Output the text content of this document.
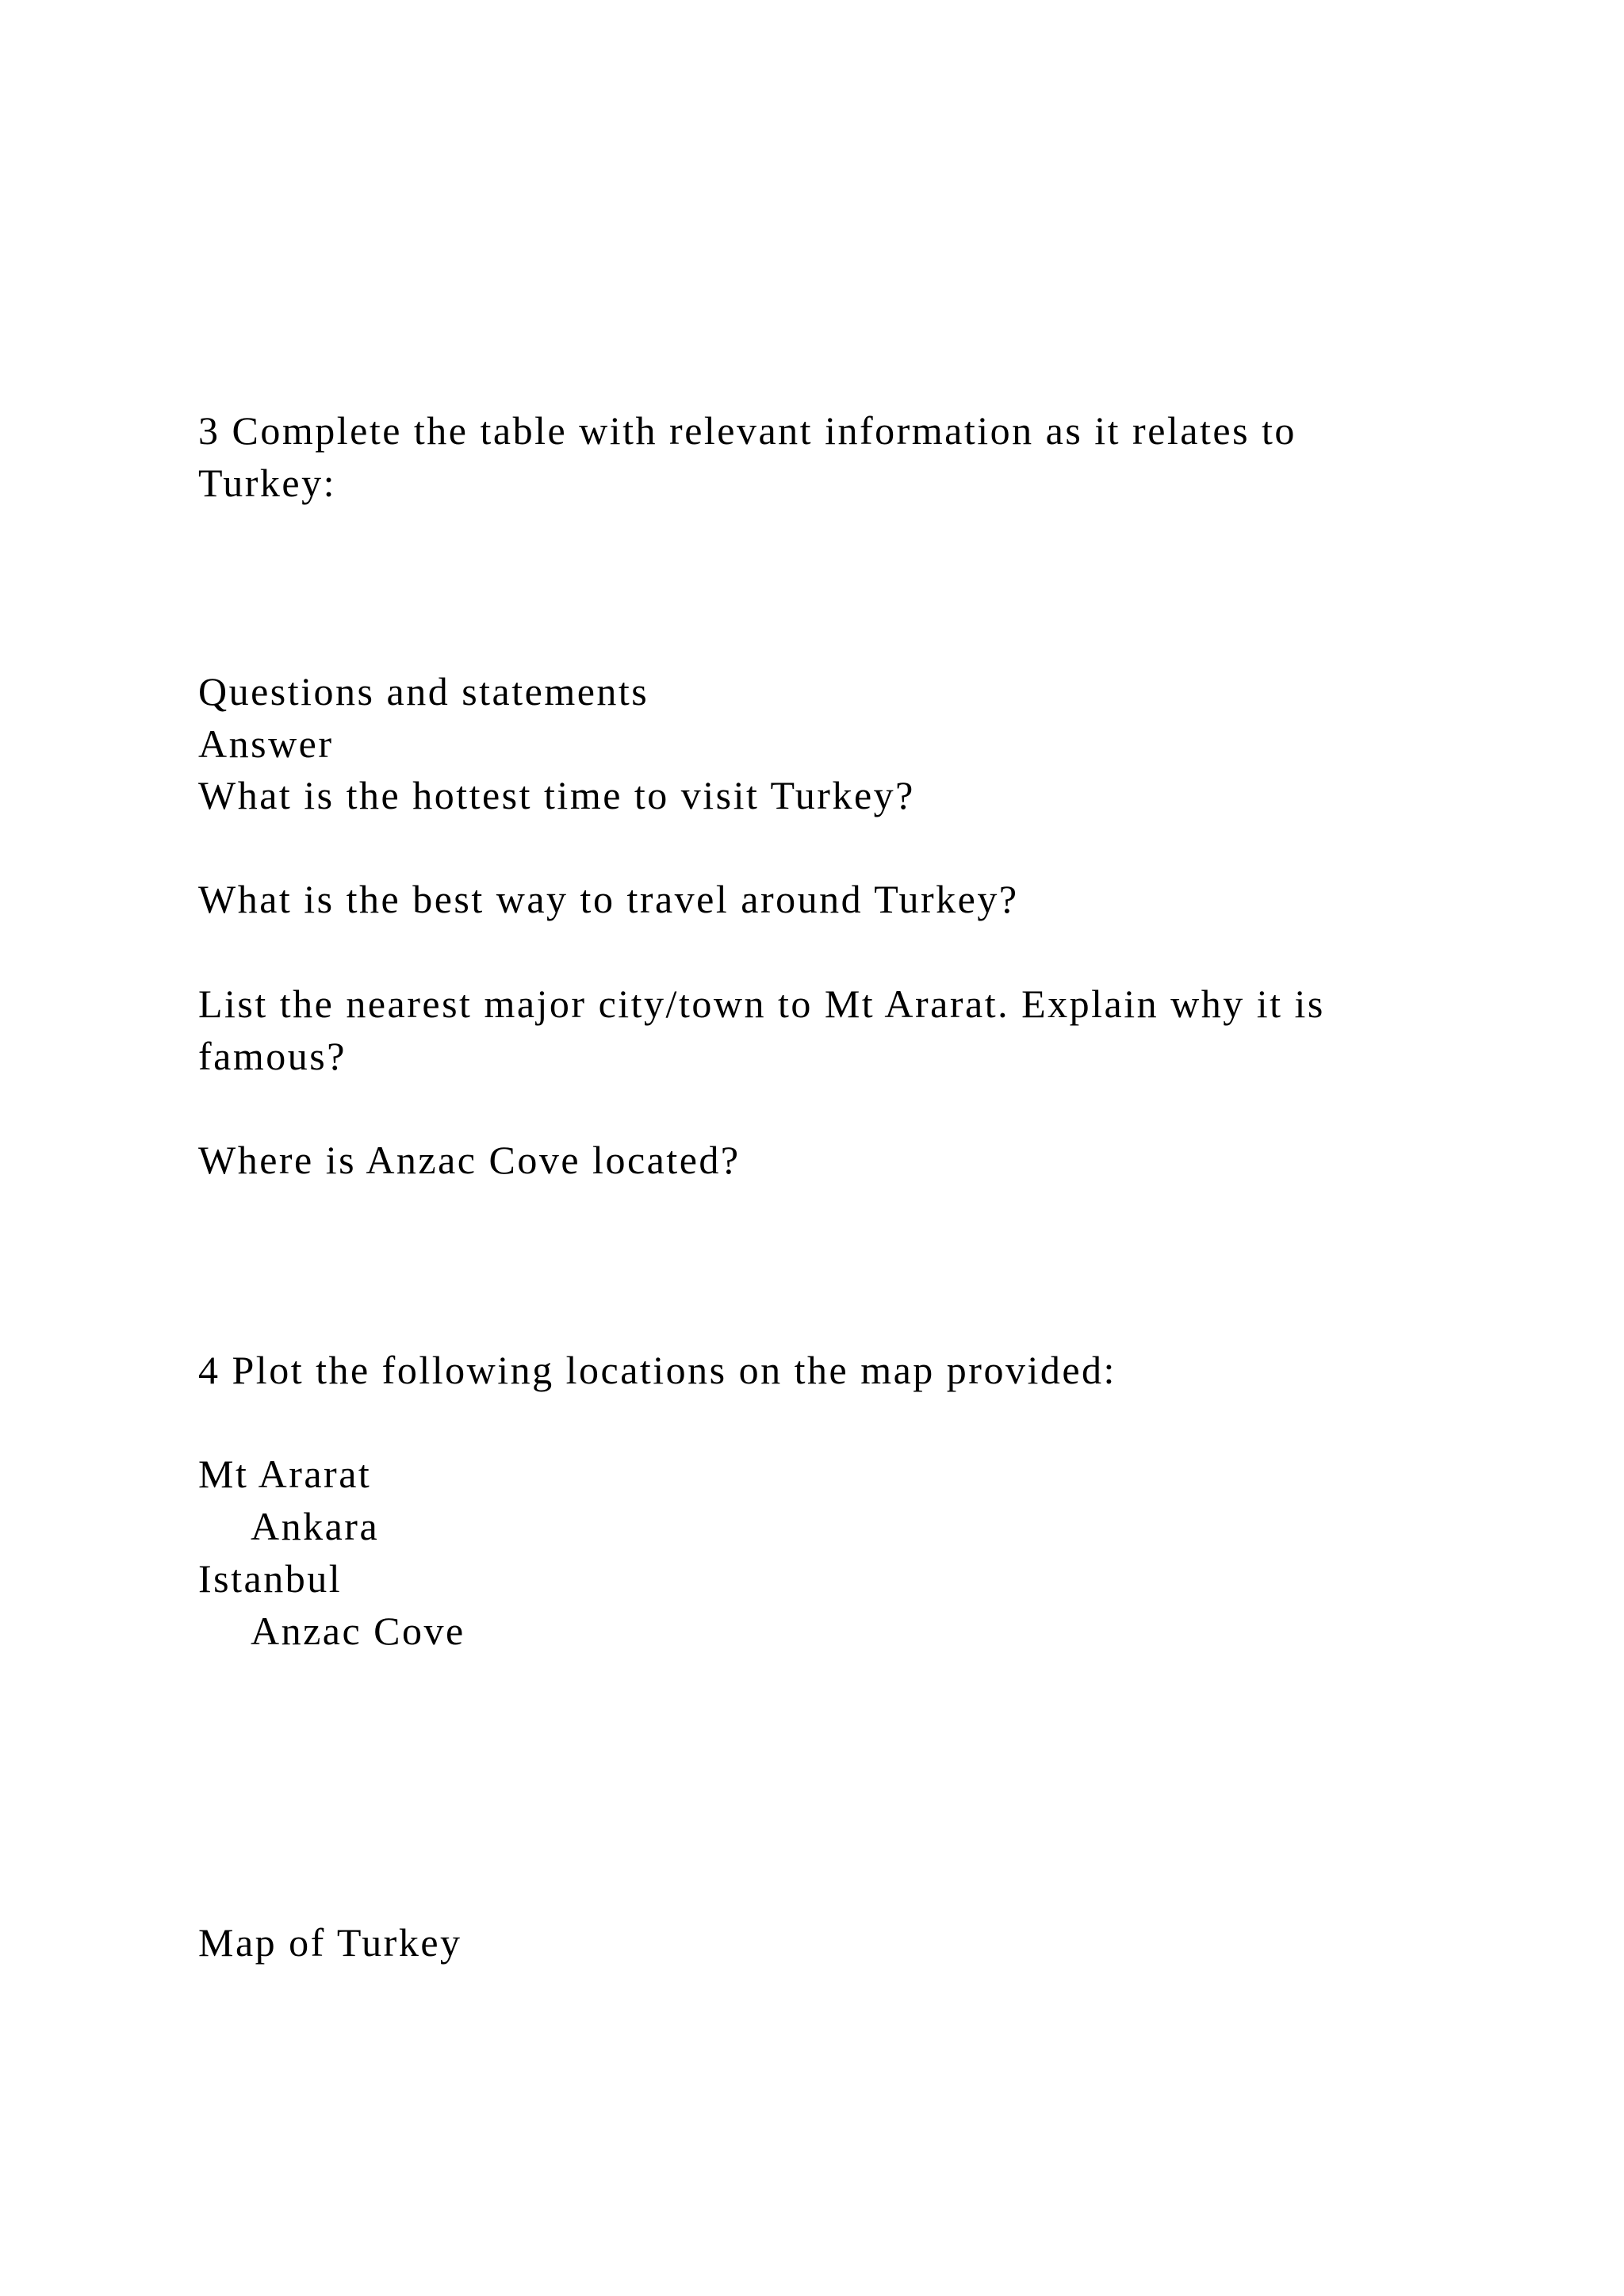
3 Complete the table with relevant information as it relates to

Turkey:

Questions and statements

Answer

What is the hottest time to visit Turkey?

What is the best way to travel around Turkey?

List the nearest major city/town to Mt Ararat. Explain why it is

famous?

Where is Anzac Cove located?

4 Plot the following locations on the map provided:

Mt Ararat

Ankara

Istanbul

Anzac Cove

Map of Turkey
